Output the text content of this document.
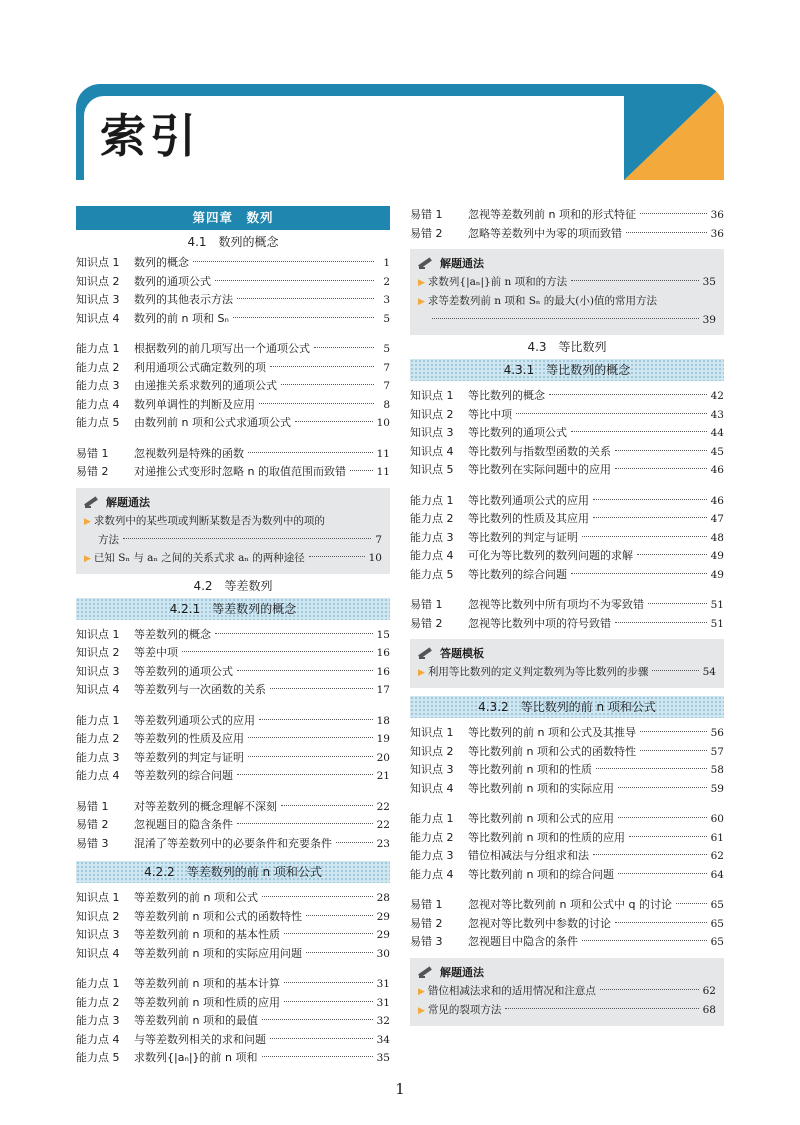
索引
第四章　数列
4.1　数列的概念
知识点 1	数列的概念	1
知识点 2	数列的通项公式	2
知识点 3	数列的其他表示方法	3
知识点 4	数列的前 n 项和 Sₙ	5
能力点 1	根据数列的前几项写出一个通项公式	5
能力点 2	利用通项公式确定数列的项	7
能力点 3	由递推关系求数列的通项公式	7
能力点 4	数列单调性的判断及应用	8
能力点 5	由数列前 n 项和公式求通项公式	10
易错 1	忽视数列是特殊的函数	11
易错 2	对递推公式变形时忽略 n 的取值范围而致错	11
解题通法
▶ 求数列中的某些项或判断某数是否为数列中的项的
方法	7
▶ 已知 Sₙ 与 aₙ 之间的关系式求 aₙ 的两种途径	10
4.2　等差数列
4.2.1　等差数列的概念
知识点 1	等差数列的概念	15
知识点 2	等差中项	16
知识点 3	等差数列的通项公式	16
知识点 4	等差数列与一次函数的关系	17
能力点 1	等差数列通项公式的应用	18
能力点 2	等差数列的性质及应用	19
能力点 3	等差数列的判定与证明	20
能力点 4	等差数列的综合问题	21
易错 1	对等差数列的概念理解不深刻	22
易错 2	忽视题目的隐含条件	22
易错 3	混淆了等差数列中的必要条件和充要条件	23
4.2.2　等差数列的前 n 项和公式
知识点 1	等差数列的前 n 项和公式	28
知识点 2	等差数列前 n 项和公式的函数特性	29
知识点 3	等差数列前 n 项和的基本性质	29
知识点 4	等差数列前 n 项和的实际应用问题	30
能力点 1	等差数列前 n 项和的基本计算	31
能力点 2	等差数列前 n 项和性质的应用	31
能力点 3	等差数列前 n 项和的最值	32
能力点 4	与等差数列相关的求和问题	34
能力点 5	求数列{|aₙ|}的前 n 项和	35
易错 1	忽视等差数列前 n 项和的形式特征	36
易错 2	忽略等差数列中为零的项而致错	36
解题通法
▶ 求数列{|aₙ|}前 n 项和的方法	35
▶ 求等差数列前 n 项和 Sₙ 的最大(小)值的常用方法
39
4.3　等比数列
4.3.1　等比数列的概念
知识点 1	等比数列的概念	42
知识点 2	等比中项	43
知识点 3	等比数列的通项公式	44
知识点 4	等比数列与指数型函数的关系	45
知识点 5	等比数列在实际问题中的应用	46
能力点 1	等比数列通项公式的应用	46
能力点 2	等比数列的性质及其应用	47
能力点 3	等比数列的判定与证明	48
能力点 4	可化为等比数列的数列问题的求解	49
能力点 5	等比数列的综合问题	49
易错 1	忽视等比数列中所有项均不为零致错	51
易错 2	忽视等比数列中项的符号致错	51
答题模板
▶ 利用等比数列的定义判定数列为等比数列的步骤	54
4.3.2　等比数列的前 n 项和公式
知识点 1	等比数列的前 n 项和公式及其推导	56
知识点 2	等比数列前 n 项和公式的函数特性	57
知识点 3	等比数列前 n 项和的性质	58
知识点 4	等比数列前 n 项和的实际应用	59
能力点 1	等比数列前 n 项和公式的应用	60
能力点 2	等比数列前 n 项和的性质的应用	61
能力点 3	错位相减法与分组求和法	62
能力点 4	等比数列前 n 项和的综合问题	64
易错 1	忽视对等比数列前 n 项和公式中 q 的讨论	65
易错 2	忽视对等比数列中参数的讨论	65
易错 3	忽视题目中隐含的条件	65
解题通法
▶ 错位相减法求和的适用情况和注意点	62
▶ 常见的裂项方法	68
1
